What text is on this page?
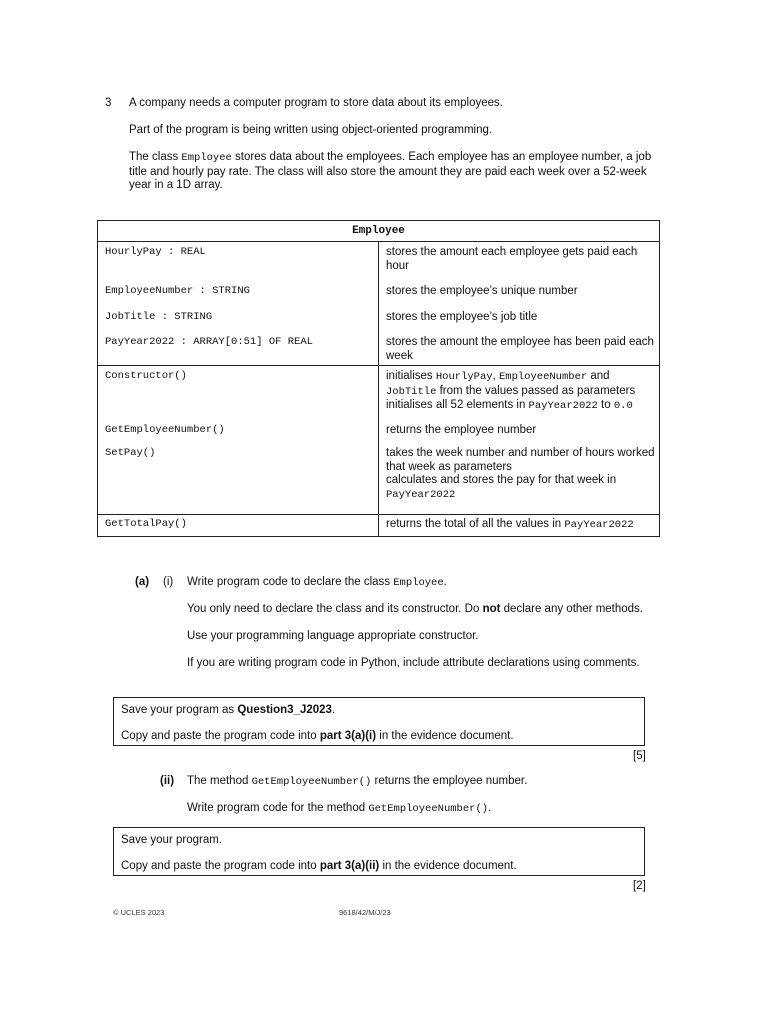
3 A company needs a computer program to store data about its employees.
Part of the program is being written using object-oriented programming.
The class Employee stores data about the employees. Each employee has an employee number, a job title and hourly pay rate. The class will also store the amount they are paid each week over a 52-week year in a 1D array.
Employee	

HourlyPay : REAL	stores the amount each employee gets paid each hour

EmployeeNumber : STRING	stores the employee’s unique number

JobTitle : STRING	stores the employee’s job title

PayYear2022 : ARRAY[0:51] OF REAL	stores the amount the employee has been paid each week

Constructor()	initialises HourlyPay, EmployeeNumber and
JobTitle from the values passed as parameters
initialises all 52 elements in PayYear2022 to 0.0

GetEmployeeNumber()	returns the employee number

SetPay()	takes the week number and number of hours worked that week as parameters
calculates and stores the pay for that week in
PayYear2022

GetTotalPay()	returns the total of all the values in PayYear2022
(a) (i) Write program code to declare the class Employee.
You only need to declare the class and its constructor. Do not declare any other methods.
Use your programming language appropriate constructor.
If you are writing program code in Python, include attribute declarations using comments.
Save your program as Question3_J2023.
Copy and paste the program code into part 3(a)(i) in the evidence document.
[5]
(ii) The method GetEmployeeNumber() returns the employee number.
Write program code for the method GetEmployeeNumber().
Save your program.
Copy and paste the program code into part 3(a)(ii) in the evidence document.
[2]
© UCLES 2023	9618/42/M/J/23
